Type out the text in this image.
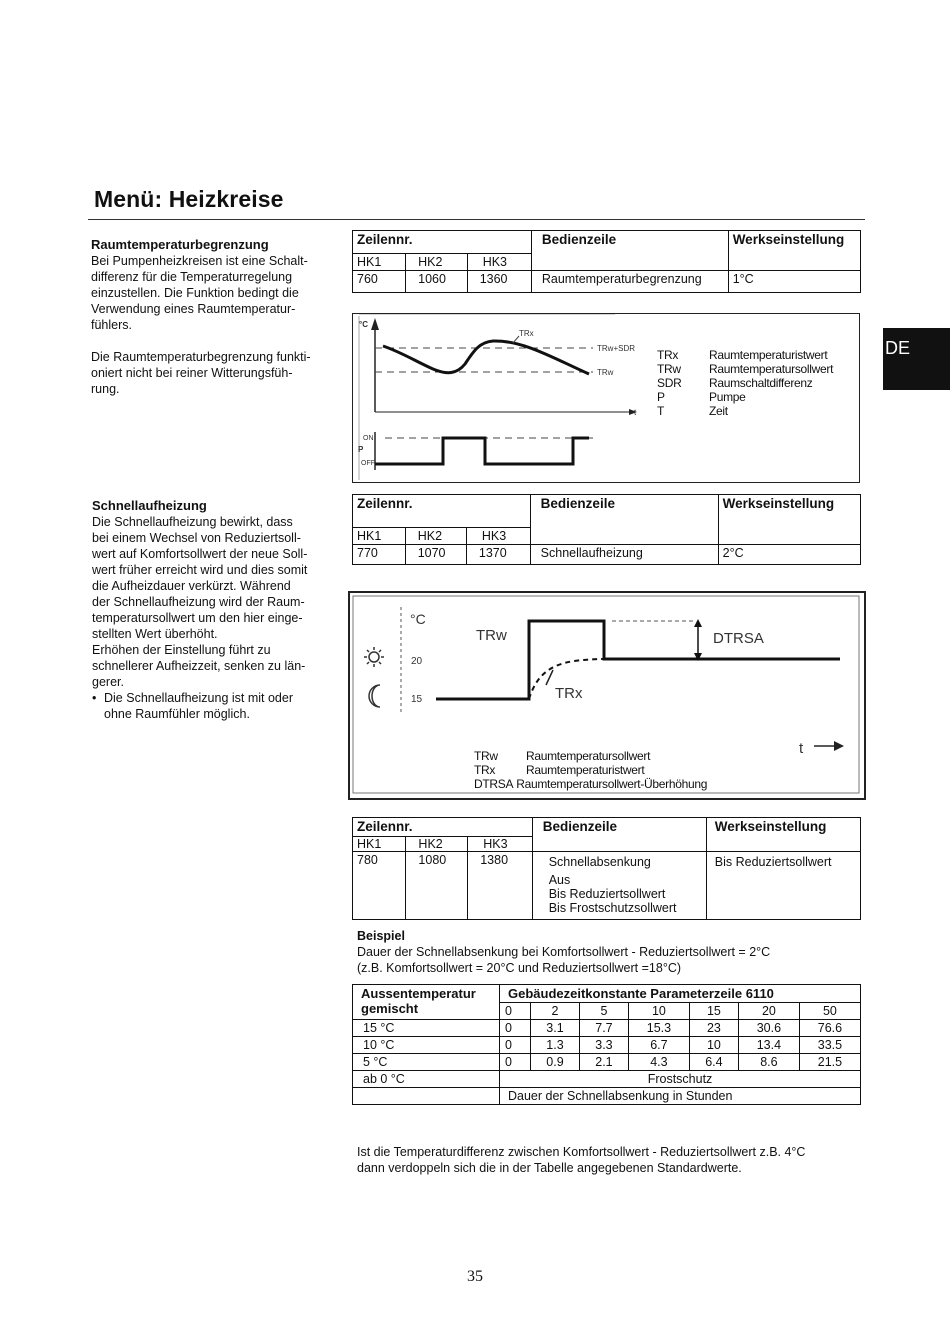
Menü: Heizkreise
DE
Raumtemperaturbegrenzung

Bei Pumpenheizkreisen ist eine Schalt-

differenz für die Temperaturregelung

einzustellen. Die Funktion bedingt die

Verwendung eines Raumtemperatur-

fühlers.

Die Raumtemperaturbegrenzung funkti-

oniert nicht bei reiner Witterungsfüh-

rung.

Zeilennr.			Bedienzeile	Werkseinstellung
HK1	HK2	HK3		
760	1060	1360	Raumtemperaturbegrenzung	1°C
°C
t
TRw+SDR
TRw
TRx
ON
P
OFF
TRx	Raumtemperaturistwert
TRw	Raumtemperatursollwert
SDR	Raumschaltdifferenz
P	Pumpe
T	Zeit
Schnellaufheizung

Die Schnellaufheizung bewirkt, dass

bei einem Wechsel von Reduziertsoll-

wert auf Komfortsollwert der neue Soll-

wert früher erreicht wird und dies somit

die Aufheizdauer verkürzt. Während

der Schnellaufheizung wird der Raum-

temperatursollwert um den hier einge-

stellten Wert überhöht.

Erhöhen der Einstellung führt zu

schnellerer Aufheizzeit, senken zu län-

gerer.

• Die Schnellaufheizung ist mit oder

ohne Raumfühler möglich.

Zeilennr.			Bedienzeile	Werkseinstellung
HK1	HK2	HK3		
770	1070	1370	Schnellaufheizung	2°C
°C
20
15
TRw
TRx
DTRSA
t
TRw	Raumtemperatursollwert
TRx	Raumtemperaturistwert
DTRSA
Raumtemperatursollwert-Überhöhung
Zeilennr.			Bedienzeile	Werkseinstellung
HK1	HK2	HK3		
780	1080	1380	Schnellabsenkung
Aus
Bis Reduziertsollwert
Bis Frostschutzsollwert	Bis Reduziertsollwert
Beispiel
Dauer der Schnellabsenkung bei Komfortsollwert - Reduziertsollwert = 2°C
(z.B. Komfortsollwert = 20°C und Reduziertsollwert =18°C)
Aussentemperatur gemischt	Gebäudezeitkonstante Parameterzeile 6110						
	0	2	5	10	15	20	50
15 °C	0	3.1	7.7	15.3	23	30.6	76.6
10 °C	0	1.3	3.3	6.7	10	13.4	33.5
5 °C	0	0.9	2.1	4.3	6.4	8.6	21.5
ab 0 °C	Frostschutz						
	Dauer der Schnellabsenkung in Stunden						
Ist die Temperaturdifferenz zwischen Komfortsollwert - Reduziertsollwert z.B. 4°C
dann verdoppeln sich die in der Tabelle angegebenen Standardwerte.
35
